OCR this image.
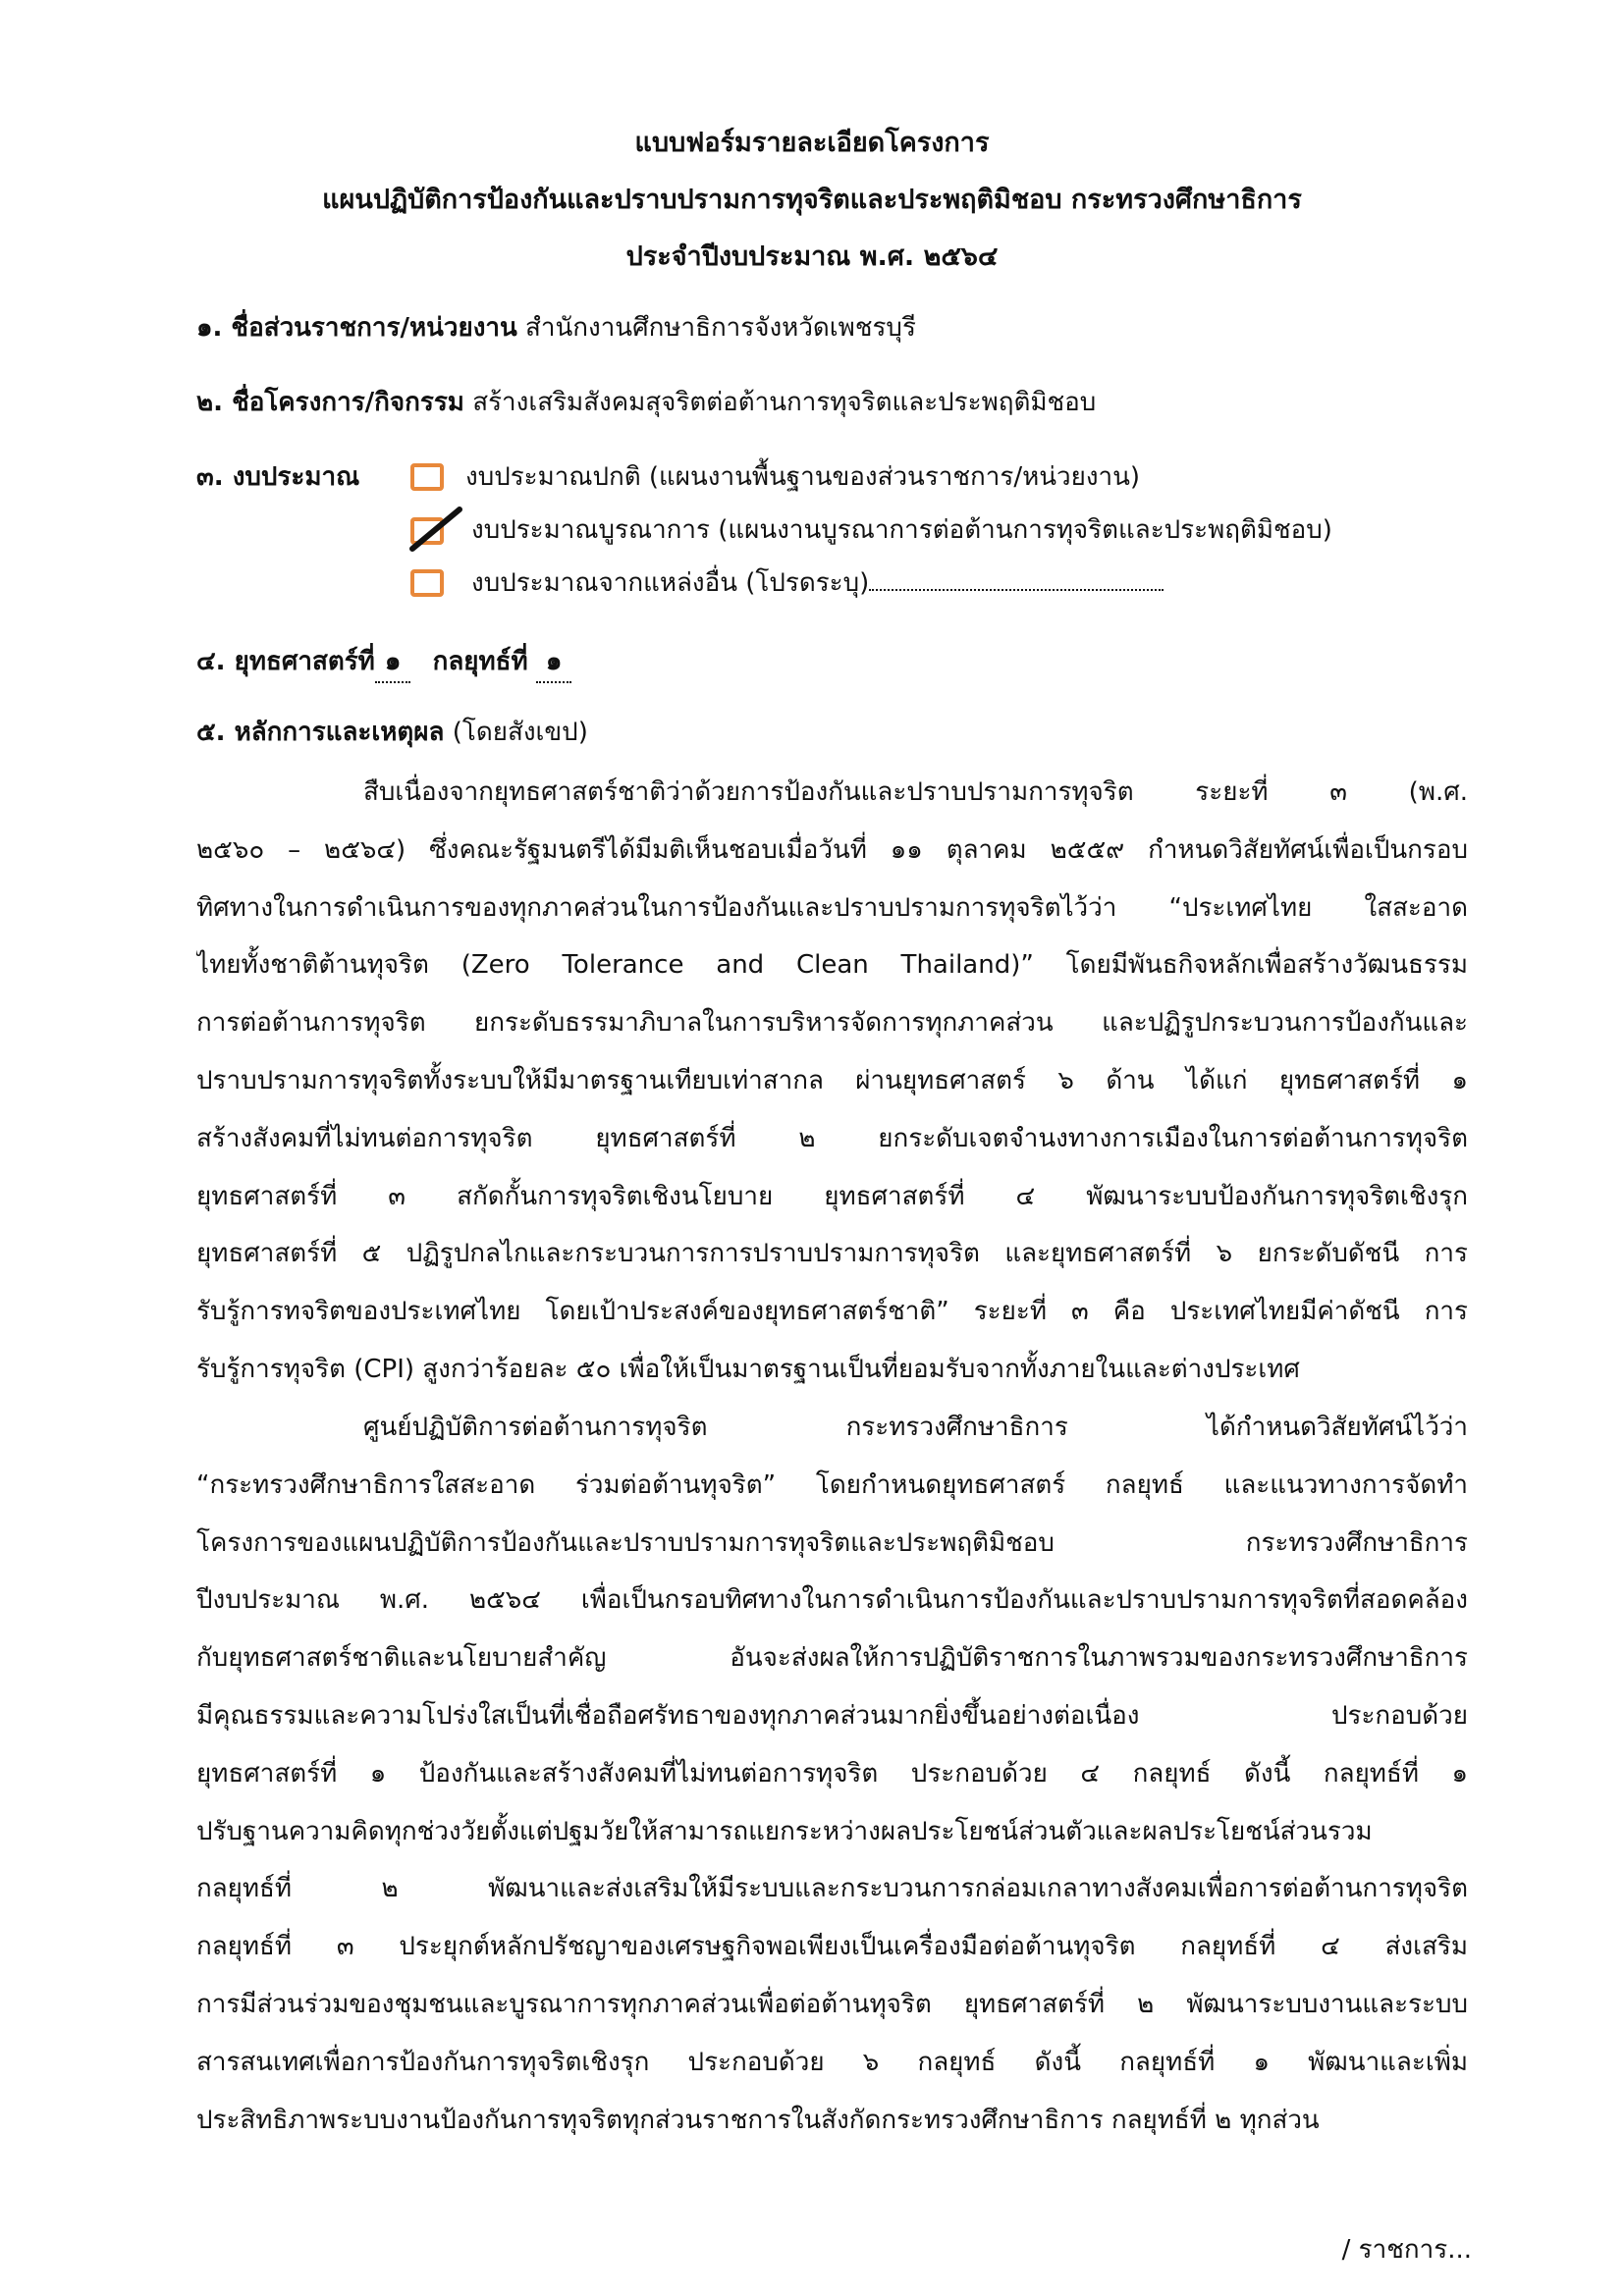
แบบฟอร์มรายละเอียดโครงการ
แผนปฏิบัติการป้องกันและปราบปรามการทุจริตและประพฤติมิชอบ กระทรวงศึกษาธิการ
ประจำปีงบประมาณ พ.ศ. ๒๕๖๔
๑. ชื่อส่วนราชการ/หน่วยงาน สำนักงานศึกษาธิการจังหวัดเพชรบุรี
๒. ชื่อโครงการ/กิจกรรม สร้างเสริมสังคมสุจริตต่อต้านการทุจริตและประพฤติมิชอบ
๓. งบประมาณ	งบประมาณปกติ (แผนงานพื้นฐานของส่วนราชการ/หน่วยงาน)
งบประมาณบูรณาการ (แผนงานบูรณาการต่อต้านการทุจริตและประพฤติมิชอบ)
งบประมาณจากแหล่งอื่น (โปรดระบุ)
๔. ยุทธศาสตร์ที่ ๑ กลยุทธ์ที่ ๑
๕. หลักการและเหตุผล (โดยสังเขป)
สืบเนื่องจากยุทธศาสตร์ชาติว่าด้วยการป้องกันและปราบปรามการทุจริต ระยะที่ ๓ (พ.ศ.
๒๕๖๐ – ๒๕๖๔) ซึ่งคณะรัฐมนตรีได้มีมติเห็นชอบเมื่อวันที่ ๑๑ ตุลาคม ๒๕๕๙ กำหนดวิสัยทัศน์เพื่อเป็นกรอบ
ทิศทางในการดำเนินการของทุกภาคส่วนในการป้องกันและปราบปรามการทุจริตไว้ว่า “ประเทศไทย ใสสะอาด
ไทยทั้งชาติต้านทุจริต (Zero Tolerance and Clean Thailand)” โดยมีพันธกิจหลักเพื่อสร้างวัฒนธรรม
การต่อต้านการทุจริต ยกระดับธรรมาภิบาลในการบริหารจัดการทุกภาคส่วน และปฏิรูปกระบวนการป้องกันและ
ปราบปรามการทุจริตทั้งระบบให้มีมาตรฐานเทียบเท่าสากล ผ่านยุทธศาสตร์ ๖ ด้าน ได้แก่ ยุทธศาสตร์ที่ ๑
สร้างสังคมที่ไม่ทนต่อการทุจริต ยุทธศาสตร์ที่ ๒ ยกระดับเจตจำนงทางการเมืองในการต่อต้านการทุจริต
ยุทธศาสตร์ที่ ๓ สกัดกั้นการทุจริตเชิงนโยบาย ยุทธศาสตร์ที่ ๔ พัฒนาระบบป้องกันการทุจริตเชิงรุก
ยุทธศาสตร์ที่ ๕ ปฏิรูปกลไกและกระบวนการการปราบปรามการทุจริต และยุทธศาสตร์ที่ ๖ ยกระดับดัชนี การ
รับรู้การทจริตของประเทศไทย โดยเป้าประสงค์ของยุทธศาสตร์ชาติ” ระยะที่ ๓ คือ ประเทศไทยมีค่าดัชนี การ
รับรู้การทุจริต (CPI) สูงกว่าร้อยละ ๕๐ เพื่อให้เป็นมาตรฐานเป็นที่ยอมรับจากทั้งภายในและต่างประเทศ
ศูนย์ปฏิบัติการต่อต้านการทุจริต กระทรวงศึกษาธิการ ได้กำหนดวิสัยทัศน์ไว้ว่า
“กระทรวงศึกษาธิการใสสะอาด ร่วมต่อต้านทุจริต” โดยกำหนดยุทธศาสตร์ กลยุทธ์ และแนวทางการจัดทำ
โครงการของแผนปฏิบัติการป้องกันและปราบปรามการทุจริตและประพฤติมิชอบ กระทรวงศึกษาธิการ
ปีงบประมาณ พ.ศ. ๒๕๖๔ เพื่อเป็นกรอบทิศทางในการดำเนินการป้องกันและปราบปรามการทุจริตที่สอดคล้อง
กับยุทธศาสตร์ชาติและนโยบายสำคัญ อันจะส่งผลให้การปฏิบัติราชการในภาพรวมของกระทรวงศึกษาธิการ
มีคุณธรรมและความโปร่งใสเป็นที่เชื่อถือศรัทธาของทุกภาคส่วนมากยิ่งขึ้นอย่างต่อเนื่อง ประกอบด้วย
ยุทธศาสตร์ที่ ๑ ป้องกันและสร้างสังคมที่ไม่ทนต่อการทุจริต ประกอบด้วย ๔ กลยุทธ์ ดังนี้ กลยุทธ์ที่ ๑
ปรับฐานความคิดทุกช่วงวัยตั้งแต่ปฐมวัยให้สามารถแยกระหว่างผลประโยชน์ส่วนตัวและผลประโยชน์ส่วนรวม
กลยุทธ์ที่ ๒ พัฒนาและส่งเสริมให้มีระบบและกระบวนการกล่อมเกลาทางสังคมเพื่อการต่อต้านการทุจริต
กลยุทธ์ที่ ๓ ประยุกต์หลักปรัชญาของเศรษฐกิจพอเพียงเป็นเครื่องมือต่อต้านทุจริต กลยุทธ์ที่ ๔ ส่งเสริม
การมีส่วนร่วมของชุมชนและบูรณาการทุกภาคส่วนเพื่อต่อต้านทุจริต ยุทธศาสตร์ที่ ๒ พัฒนาระบบงานและระบบ
สารสนเทศเพื่อการป้องกันการทุจริตเชิงรุก ประกอบด้วย ๖ กลยุทธ์ ดังนี้ กลยุทธ์ที่ ๑ พัฒนาและเพิ่ม
ประสิทธิภาพระบบงานป้องกันการทุจริตทุกส่วนราชการในสังกัดกระทรวงศึกษาธิการ กลยุทธ์ที่ ๒ ทุกส่วน
/ ราชการ...
